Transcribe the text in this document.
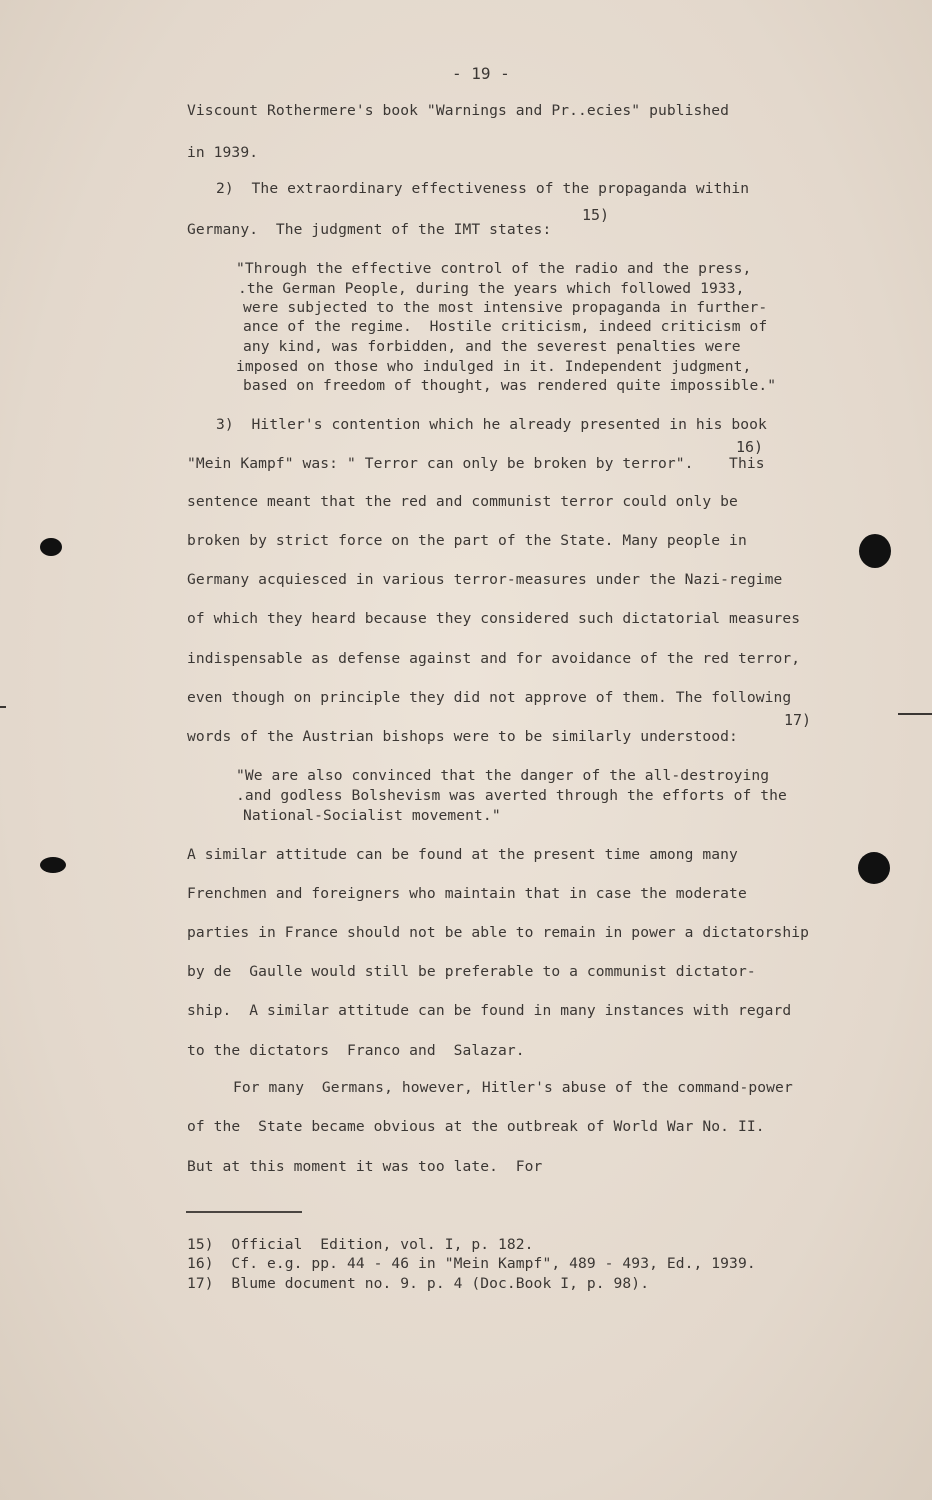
- 19 -
Viscount Rothermere's book "Warnings and Pr..ecies" published
in 1939.
2)  The extraordinary effectiveness of the propaganda within
Germany.  The judgment of the IMT states:
15)
"Through the effective control of the radio and the press,
.the German People, during the years which followed 1933,
were subjected to the most intensive propaganda in further-
ance of the regime.  Hostile criticism, indeed criticism of
any kind, was forbidden, and the severest penalties were
imposed on those who indulged in it. Independent judgment,
based on freedom of thought, was rendered quite impossible."
3)  Hitler's contention which he already presented in his book
"Mein Kampf" was: " Terror can only be broken by terror".    This
16)
sentence meant that the red and communist terror could only be
broken by strict force on the part of the State. Many people in
Germany acquiesced in various terror-measures under the Nazi-regime
of which they heard because they considered such dictatorial measures
indispensable as defense against and for avoidance of the red terror,
even though on principle they did not approve of them. The following
words of the Austrian bishops were to be similarly understood:
17)
"We are also convinced that the danger of the all-destroying
.and godless Bolshevism was averted through the efforts of the
National-Socialist movement."
A similar attitude can be found at the present time among many
Frenchmen and foreigners who maintain that in case the moderate
parties in France should not be able to remain in power a dictatorship
by de  Gaulle would still be preferable to a communist dictator-
ship.  A similar attitude can be found in many instances with regard
to the dictators  Franco and  Salazar.
For many  Germans, however, Hitler's abuse of the command-power
of the  State became obvious at the outbreak of World War No. II.
But at this moment it was too late.  For
15)  Official  Edition, vol. I, p. 182.
16)  Cf. e.g. pp. 44 - 46 in "Mein Kampf", 489 - 493, Ed., 1939.
17)  Blume document no. 9. p. 4 (Doc.Book I, p. 98).
